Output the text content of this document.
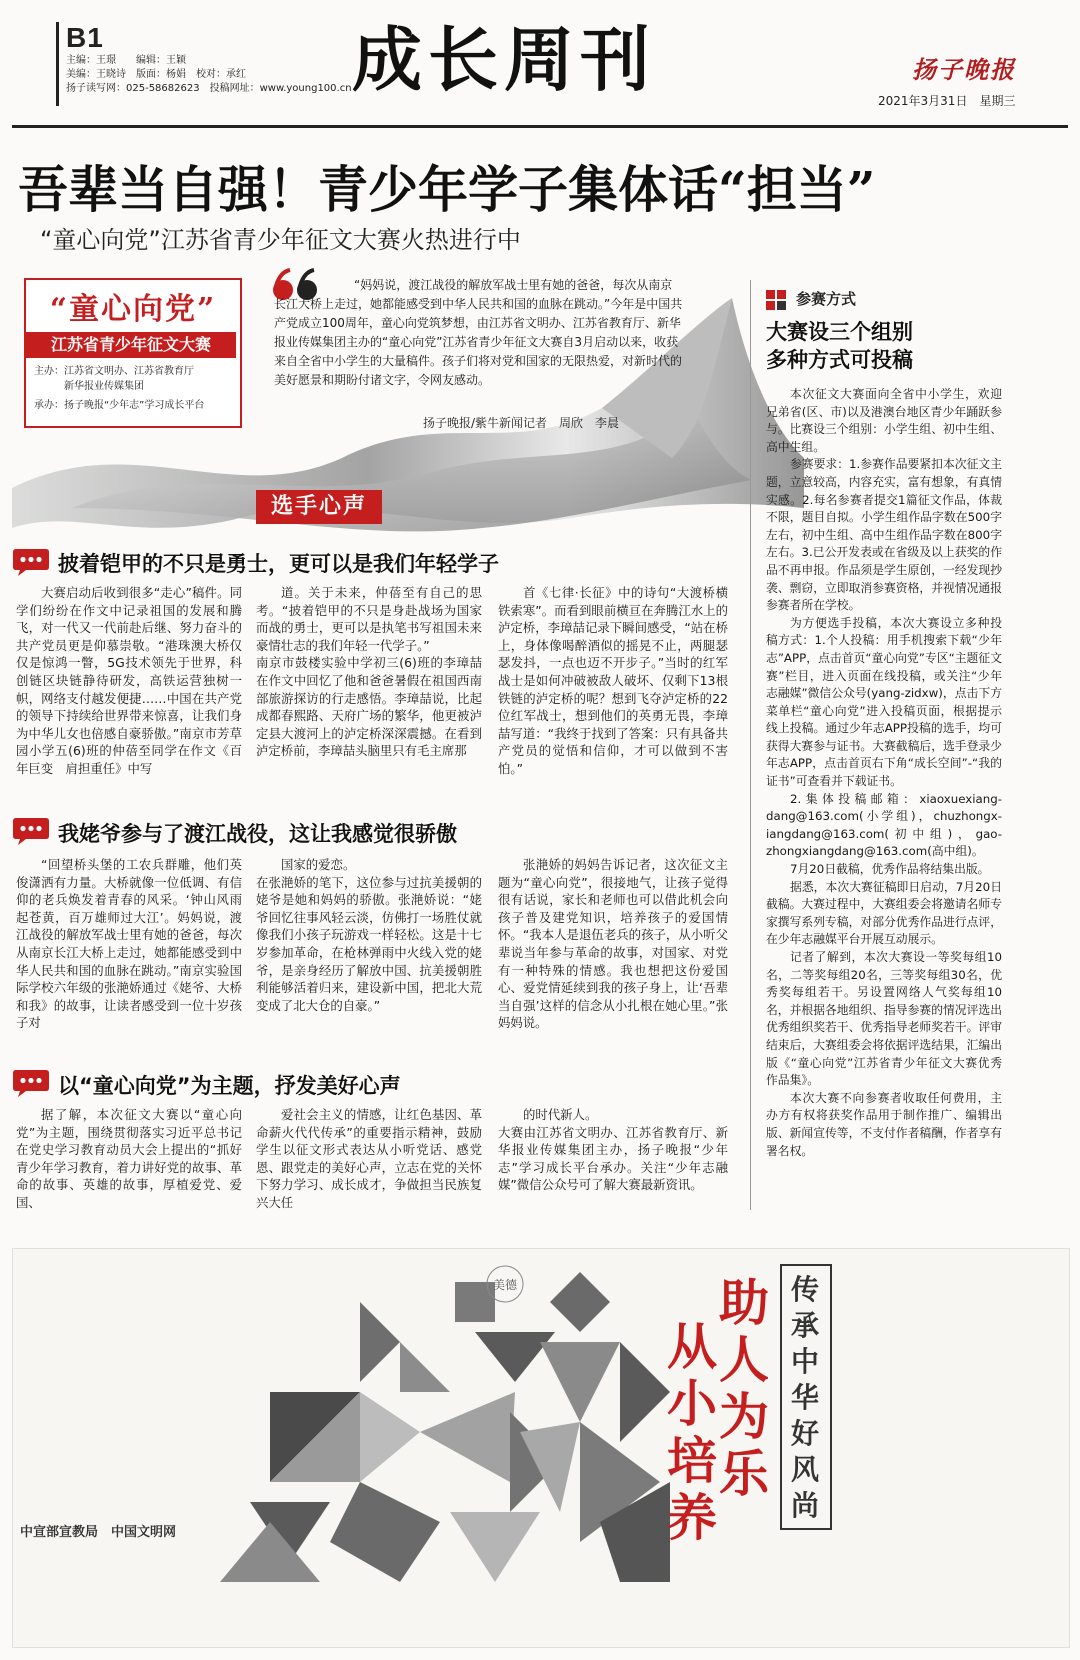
B1
主编：王璟　　编辑：王颖
美编：王晓诗　版面：杨娟　校对：承红
扬子读写网：025-58682623　投稿网址：www.young100.cn 成长周刊	扬子晚报
2021年3月31日　星期三
吾辈当自强！青少年学子集体话“担当”
“童心向党”江苏省青少年征文大赛火热进行中
“童心向党”
江苏省青少年征文大赛
主办：江苏省文明办、江苏省教育厅
　　　新华报业传媒集团
承办：扬子晚报“少年志”学习成长平台
“妈妈说，渡江战役的解放军战士里有她的爸爸，每次从南京长江大桥上走过，她都能感受到中华人民共和国的血脉在跳动。”今年是中国共产党成立100周年，童心向党筑梦想，由江苏省文明办、江苏省教育厅、新华报业传媒集团主办的“童心向党”江苏省青少年征文大赛自3月启动以来，收获来自全省中小学生的大量稿件。孩子们将对党和国家的无限热爱，对新时代的美好愿景和期盼付诸文字，令网友感动。
扬子晚报/紫牛新闻记者　周欣　李晨
选手心声
披着铠甲的不只是勇士，更可以是我们年轻学子
大赛启动后收到很多“走心”稿件。同学们纷纷在作文中记录祖国的发展和腾飞，对一代又一代前赴后继、努力奋斗的共产党员更是仰慕崇敬。“港珠澳大桥仅仅是惊鸿一瞥，5G技术领先于世界，科创链区块链静待研发，高铁运营独树一帜，网络支付越发便捷……中国在共产党的领导下持续给世界带来惊喜，让我们身为中华儿女也倍感自豪骄傲。”南京市芳草园小学五(6)班的仲蓓至同学在作文《百年巨变　肩担重任》中写
道。关于未来，仲蓓至有自己的思考。“披着铠甲的不只是身赴战场为国家而战的勇士，更可以是执笔书写祖国未来豪情壮志的我们年轻一代学子。”
南京市鼓楼实验中学初三(6)班的李璋喆在作文中回忆了他和爸爸暑假在祖国西南部旅游探访的行走感悟。李璋喆说，比起成都春熙路、天府广场的繁华，他更被泸定县大渡河上的泸定桥深深震撼。在看到泸定桥前，李璋喆头脑里只有毛主席那
首《七律·长征》中的诗句“大渡桥横铁索寒”。而看到眼前横亘在奔腾江水上的泸定桥，李璋喆记录下瞬间感受，“站在桥上，身体像喝醉酒似的摇晃不止，两腿瑟瑟发抖，一点也迈不开步子。”当时的红军战士是如何冲破被敌人破坏、仅剩下13根铁链的泸定桥的呢？想到飞夺泸定桥的22位红军战士，想到他们的英勇无畏，李璋喆写道：“我终于找到了答案：只有具备共产党员的觉悟和信仰，才可以做到不害怕。”
我姥爷参与了渡江战役，这让我感觉很骄傲
“回望桥头堡的工农兵群雕，他们英俊潇洒有力量。大桥就像一位低调、有信仰的老兵焕发着青春的风采。‘钟山风雨起苍黄，百万雄师过大江’。妈妈说，渡江战役的解放军战士里有她的爸爸，每次从南京长江大桥上走过，她都能感受到中华人民共和国的血脉在跳动。”南京实验国际学校六年级的张滟娇通过《姥爷、大桥和我》的故事，让读者感受到一位十岁孩子对
国家的爱恋。
在张滟娇的笔下，这位参与过抗美援朝的姥爷是她和妈妈的骄傲。张滟娇说：“姥爷回忆往事风轻云淡，仿佛打一场胜仗就像我们小孩子玩游戏一样轻松。这是十七岁参加革命，在枪林弹雨中火线入党的姥爷，是亲身经历了解放中国、抗美援朝胜利能够活着归来，建设新中国，把北大荒变成了北大仓的自豪。”
张滟娇的妈妈告诉记者，这次征文主题为“童心向党”，很接地气，让孩子觉得很有话说，家长和老师也可以借此机会向孩子普及建党知识，培养孩子的爱国情怀。“我本人是退伍老兵的孩子，从小听父辈说当年参与革命的故事，对国家、对党有一种特殊的情感。我也想把这份爱国心、爱党情延续到我的孩子身上，让‘吾辈当自强’这样的信念从小扎根在她心里。”张妈妈说。
以“童心向党”为主题，抒发美好心声
据了解，本次征文大赛以“童心向党”为主题，围绕贯彻落实习近平总书记在党史学习教育动员大会上提出的“抓好青少年学习教育，着力讲好党的故事、革命的故事、英雄的故事，厚植爱党、爱国、
爱社会主义的情感，让红色基因、革命薪火代代传承”的重要指示精神，鼓励学生以征文形式表达从小听党话、感党恩、跟党走的美好心声，立志在党的关怀下努力学习、成长成才，争做担当民族复兴大任
的时代新人。
大赛由江苏省文明办、江苏省教育厅、新华报业传媒集团主办，扬子晚报“少年志”学习成长平台承办。关注“少年志融媒”微信公众号可了解大赛最新资讯。
参赛方式
大赛设三个组别
多种方式可投稿

本次征文大赛面向全省中小学生，欢迎兄弟省(区、市)以及港澳台地区青少年踊跃参与。比赛设三个组别：小学生组、初中生组、高中生组。

参赛要求：1.参赛作品要紧扣本次征文主题，立意较高，内容充实，富有想象，有真情实感。2.每名参赛者提交1篇征文作品，体裁不限，题目自拟。小学生组作品字数在500字左右，初中生组、高中生组作品字数在800字左右。3.已公开发表或在省级及以上获奖的作品不再申报。作品须是学生原创，一经发现抄袭、剽窃，立即取消参赛资格，并视情况通报参赛者所在学校。

为方便选手投稿，本次大赛设立多种投稿方式：1.个人投稿：用手机搜索下载“少年志”APP，点击首页“童心向党”专区“主题征文赛”栏目，进入页面在线投稿，或关注“少年志融媒”微信公众号(yang-zidxw)，点击下方菜单栏“童心向党”进入投稿页面，根据提示线上投稿。通过少年志APP投稿的选手，均可获得大赛参与证书。大赛截稿后，选手登录少年志APP，点击首页右下角“成长空间”-“我的证书”可查看并下载证书。

2.集体投稿邮箱：xiaoxuexiang-dang@163.com(小学组)，chuzhongx-iangdang@163.com(初中组)，gao-zhongxiangdang@163.com(高中组)。

7月20日截稿，优秀作品将结集出版。

据悉，本次大赛征稿即日启动，7月20日截稿。大赛过程中，大赛组委会将邀请名师专家撰写系列专稿，对部分优秀作品进行点评，在少年志融媒平台开展互动展示。

记者了解到，本次大赛设一等奖每组10名，二等奖每组20名，三等奖每组30名，优秀奖每组若干。另设置网络人气奖每组10名，并根据各地组织、指导参赛的情况评选出优秀组织奖若干、优秀指导老师奖若干。评审结束后，大赛组委会将依据评选结果，汇编出版《“童心向党”江苏省青少年征文大赛优秀作品集》。

本次大赛不向参赛者收取任何费用，主办方有权将获奖作品用于制作推广、编辑出版、新闻宣传等，不支付作者稿酬，作者享有署名权。

美德
中宣部宣教局　中国文明网
从
小
培
养
助
人
为
乐
传
承
中
华
好
风
尚
